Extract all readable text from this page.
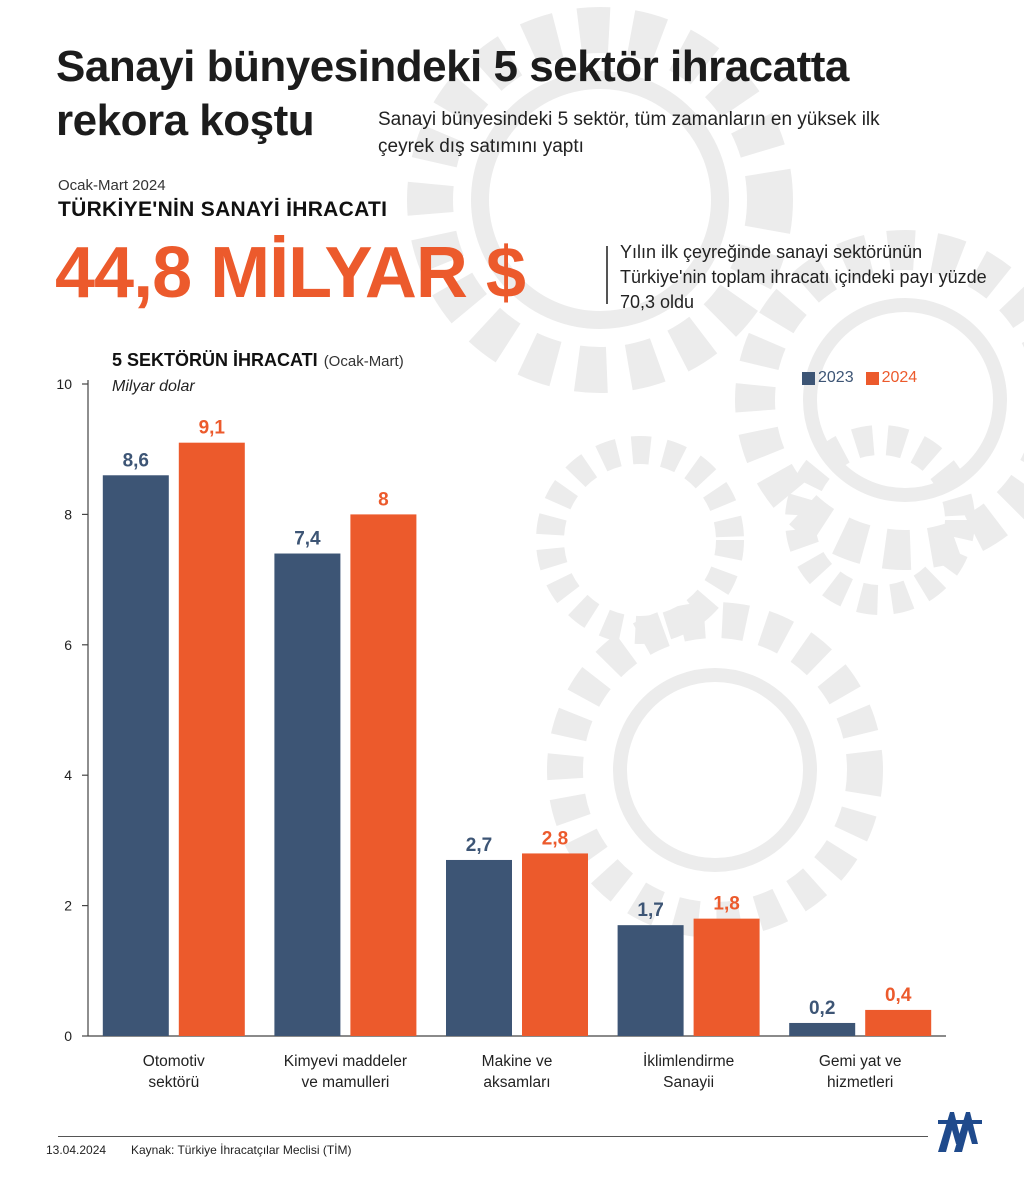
Sanayi bünyesindeki 5 sektör ihracatta
rekora koştu	Sanayi bünyesindeki 5 sektör, tüm zamanların en yüksek ilk çeyrek dış satımını yaptı
Ocak-Mart 2024
TÜRKİYE'NİN SANAYİ İHRACATI
44,8 MİLYAR $	Yılın ilk çeyreğinde sanayi sektörünün Türkiye'nin toplam ihracatı içindeki payı yüzde 70,3 oldu
5 SEKTÖRÜN İHRACATI (Ocak-Mart)
Milyar dolar
2023 2024
0
2
4
6
8
10
8,6
9,1
Otomotiv
sektörü
7,4
8
Kimyevi maddeler
ve mamulleri
2,7	2,8
Makine ve
aksamları
1,7	1,8
İklimlendirme
Sanayii
0,2
0,4
Gemi yat ve
hizmetleri
13.04.2024 Kaynak: Türkiye İhracatçılar Meclisi (TİM)
